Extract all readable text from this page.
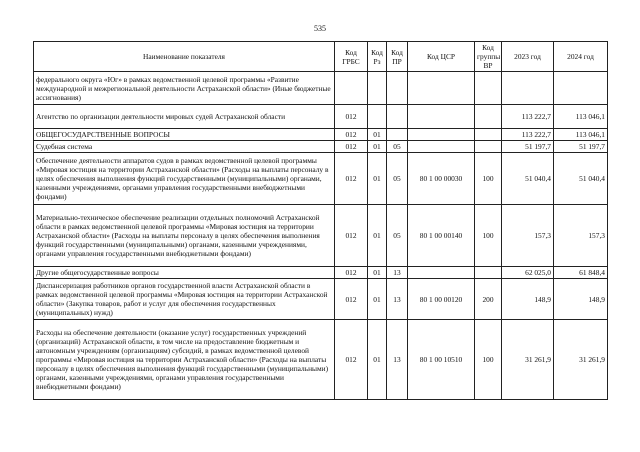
535
Наименование показателя	Код ГРБС	Код Рз	Код ПР	Код ЦСР	Код группы ВР	2023 год	2024 год
федерального округа «Юг» в рамках ведомственной целевой программы «Развитие международной и межрегиональной деятельности Астраханской области» (Иные бюджетные ассигнования)							
Агентство по организации деятельности мировых судей Астраханской области	012					113 222,7	113 046,1
ОБЩЕГОСУДАРСТВЕННЫЕ ВОПРОСЫ	012	01				113 222,7	113 046,1
Судебная система	012	01	05			51 197,7	51 197,7
Обеспечение деятельности аппаратов судов в рамках ведомственной целевой программы «Мировая юстиция на территории Астраханской области» (Расходы на выплаты персоналу в целях обеспечения выполнения функций государственными (муниципальными) органами, казенными учреждениями, органами управления государственными внебюджетными фондами)	012	01	05	80 1 00 00030	100	51 040,4	51 040,4
Материально-техническое обеспечение реализации отдельных полномочий Астраханской области в рамках ведомственной целевой программы «Мировая юстиция на территории Астраханской области» (Расходы на выплаты персоналу в целях обеспечения выполнения функций государственными (муниципальными) органами, казенными учреждениями, органами управления государственными внебюджетными фондами)	012	01	05	80 1 00 00140	100	157,3	157,3
Другие общегосударственные вопросы	012	01	13			62 025,0	61 848,4
Диспансеризация работников органов государственной власти Астраханской области в рамках ведомственной целевой программы «Мировая юстиция на территории Астраханской области» (Закупка товаров, работ и услуг для обеспечения государственных (муниципальных) нужд)	012	01	13	80 1 00 00120	200	148,9	148,9
Расходы на обеспечение деятельности (оказание услуг) государственных учреждений (организаций) Астраханской области, в том числе на предоставление бюджетным и автономным учреждениям (организациям) субсидий, в рамках ведомственной целевой программы «Мировая юстиция на территории Астраханской области» (Расходы на выплаты персоналу в целях обеспечения выполнения функций государственными (муниципальными) органами, казенными учреждениями, органами управления государственными внебюджетными фондами)	012	01	13	80 1 00 10510	100	31 261,9	31 261,9
